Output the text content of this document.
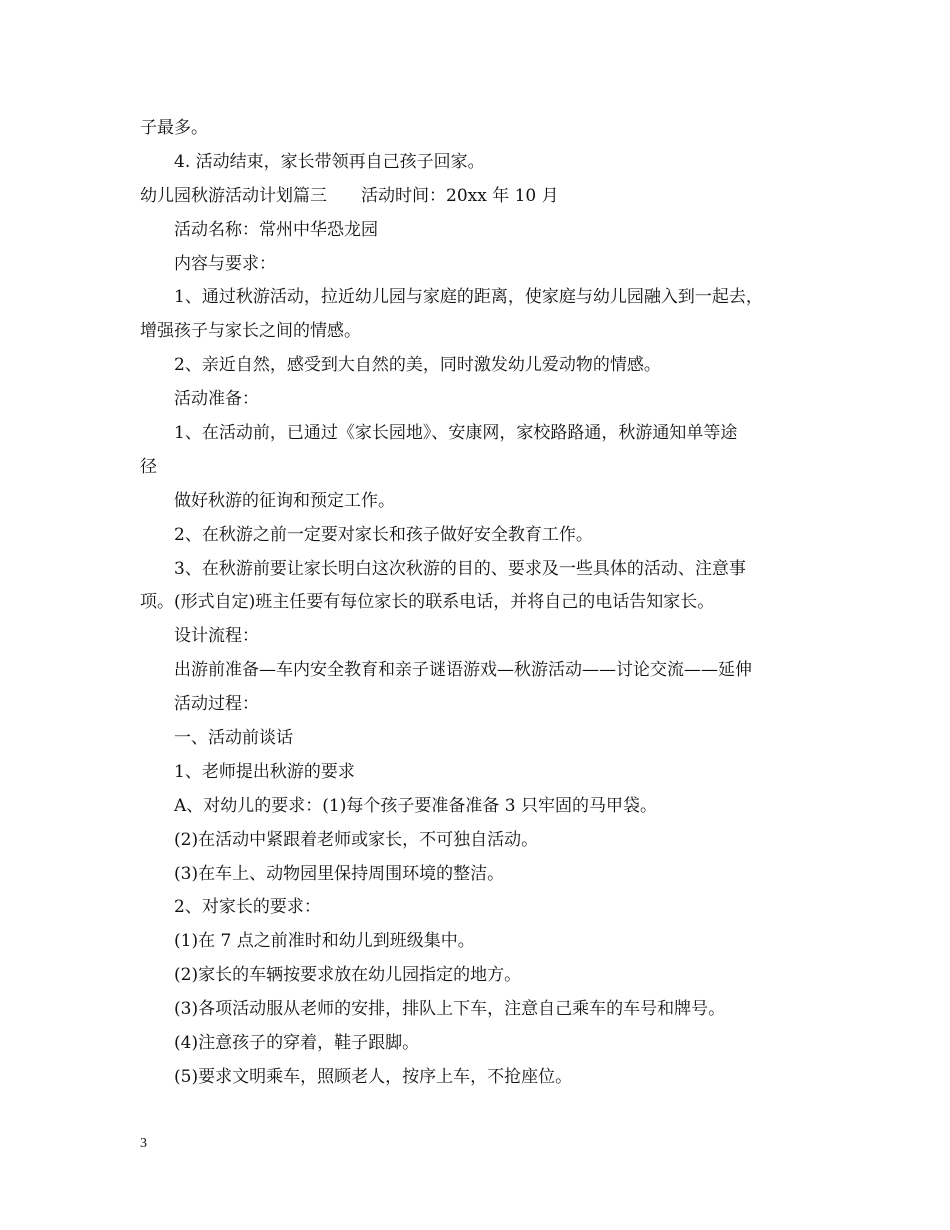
子最多。
4. 活动结束，家长带领再自己孩子回家。
幼儿园秋游活动计划篇三　　活动时间：20xx 年 10 月
活动名称：常州中华恐龙园
内容与要求：
1、通过秋游活动，拉近幼儿园与家庭的距离，使家庭与幼儿园融入到一起去，
增强孩子与家长之间的情感。
2、亲近自然，感受到大自然的美，同时激发幼儿爱动物的情感。
活动准备：
1、在活动前，已通过《家长园地》、安康网，家校路路通，秋游通知单等途
径
做好秋游的征询和预定工作。
2、在秋游之前一定要对家长和孩子做好安全教育工作。
3、在秋游前要让家长明白这次秋游的目的、要求及一些具体的活动、注意事
项。(形式自定)班主任要有每位家长的联系电话，并将自己的电话告知家长。
设计流程：
出游前准备—车内安全教育和亲子谜语游戏—秋游活动——讨论交流——延伸
活动过程：
一、活动前谈话
1、老师提出秋游的要求
A、对幼儿的要求：(1)每个孩子要准备准备 3 只牢固的马甲袋。
(2)在活动中紧跟着老师或家长，不可独自活动。
(3)在车上、动物园里保持周围环境的整洁。
2、对家长的要求：
(1)在 7 点之前准时和幼儿到班级集中。
(2)家长的车辆按要求放在幼儿园指定的地方。
(3)各项活动服从老师的安排，排队上下车，注意自己乘车的车号和牌号。
(4)注意孩子的穿着，鞋子跟脚。
(5)要求文明乘车，照顾老人，按序上车，不抢座位。
3
